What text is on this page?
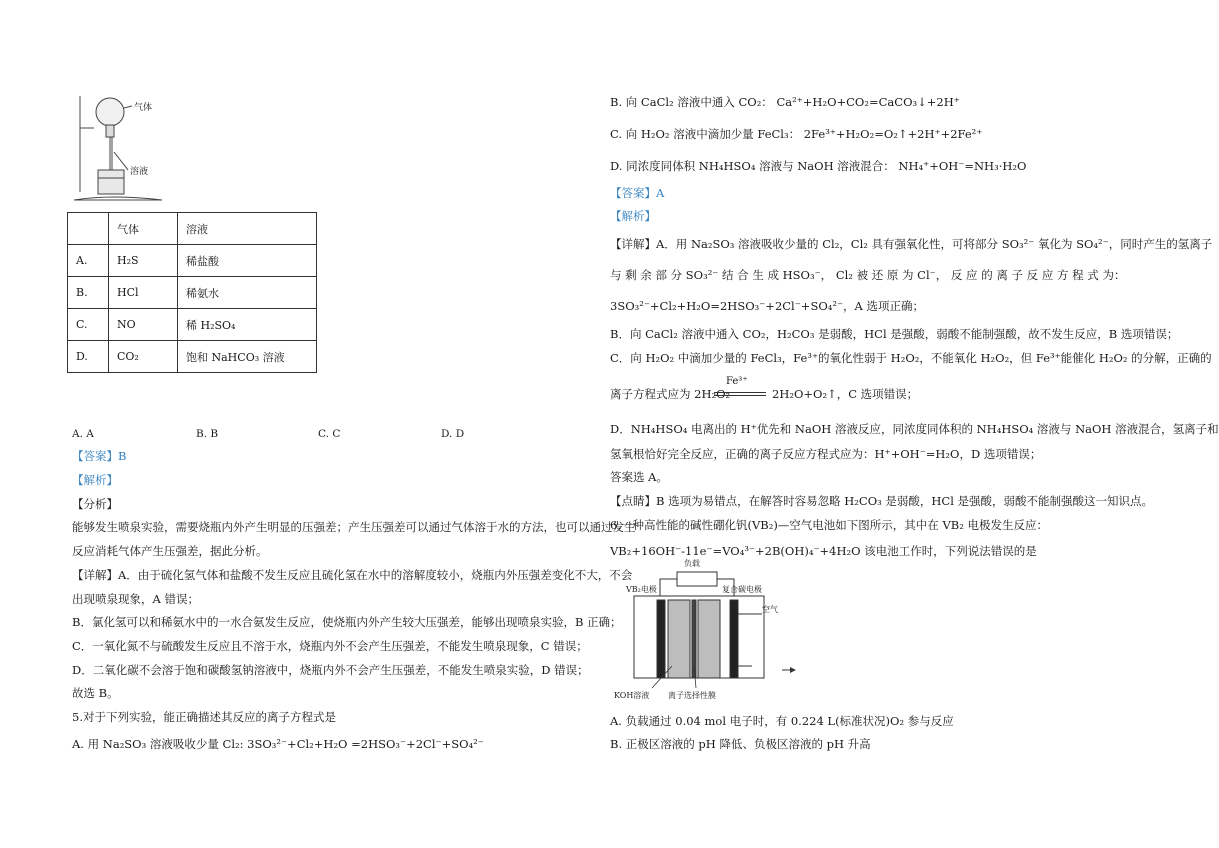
气体
溶液
	气体	溶液
A.	H₂S	稀盐酸
B.	HCl	稀氨水
C.	NO	稀 H₂SO₄
D.	CO₂	饱和 NaHCO₃ 溶液
A. A	B. B	C. C	D. D
【答案】B
【解析】
【分析】
能够发生喷泉实验，需要烧瓶内外产生明显的压强差；产生压强差可以通过气体溶于水的方法，也可以通过发生
反应消耗气体产生压强差，据此分析。
【详解】A．由于硫化氢气体和盐酸不发生反应且硫化氢在水中的溶解度较小，烧瓶内外压强差变化不大，不会
出现喷泉现象，A 错误；
B．氯化氢可以和稀氨水中的一水合氨发生反应，使烧瓶内外产生较大压强差，能够出现喷泉实验，B 正确；
C．一氧化氮不与硫酸发生反应且不溶于水，烧瓶内外不会产生压强差，不能发生喷泉现象，C 错误；
D．二氧化碳不会溶于饱和碳酸氢钠溶液中，烧瓶内外不会产生压强差，不能发生喷泉实验，D 错误；
故选 B。
5.对于下列实验，能正确描述其反应的离子方程式是
A. 用 Na₂SO₃ 溶液吸收少量 Cl₂: 3SO₃²⁻+Cl₂+H₂O =2HSO₃⁻+2Cl⁻+SO₄²⁻
B. 向 CaCl₂ 溶液中通入 CO₂： Ca²⁺+H₂O+CO₂=CaCO₃↓+2H⁺
C. 向 H₂O₂ 溶液中滴加少量 FeCl₃： 2Fe³⁺+H₂O₂=O₂↑+2H⁺+2Fe²⁺
D. 同浓度同体积 NH₄HSO₄ 溶液与 NaOH 溶液混合： NH₄⁺+OH⁻=NH₃·H₂O
【答案】A
【解析】
【详解】A．用 Na₂SO₃ 溶液吸收少量的 Cl₂，Cl₂ 具有强氧化性，可将部分 SO₃²⁻ 氧化为 SO₄²⁻，同时产生的氢离子
与 剩 余 部 分 SO₃²⁻ 结 合 生 成 HSO₃⁻， Cl₂ 被 还 原 为 Cl⁻， 反 应 的 离 子 反 应 方 程 式 为：
3SO₃²⁻+Cl₂+H₂O=2HSO₃⁻+2Cl⁻+SO₄²⁻，A 选项正确；
B．向 CaCl₂ 溶液中通入 CO₂，H₂CO₃ 是弱酸，HCl 是强酸，弱酸不能制强酸，故不发生反应，B 选项错误；
C．向 H₂O₂ 中滴加少量的 FeCl₃，Fe³⁺的氧化性弱于 H₂O₂，不能氧化 H₂O₂，但 Fe³⁺能催化 H₂O₂ 的分解，正确的
离子方程式应为 2H₂O₂
Fe³⁺
2H₂O+O₂↑，C 选项错误；
D．NH₄HSO₄ 电离出的 H⁺优先和 NaOH 溶液反应，同浓度同体积的 NH₄HSO₄ 溶液与 NaOH 溶液混合，氢离子和
氢氧根恰好完全反应，正确的离子反应方程式应为：H⁺+OH⁻=H₂O，D 选项错误；
答案选 A。
【点睛】B 选项为易错点，在解答时容易忽略 H₂CO₃ 是弱酸，HCl 是强酸，弱酸不能制强酸这一知识点。
6.一种高性能的碱性硼化钒(VB₂)—空气电池如下图所示，其中在 VB₂ 电极发生反应：
VB₂+16OH⁻-11e⁻=VO₄³⁻+2B(OH)₄⁻+4H₂O 该电池工作时，下列说法错误的是
负载
VB₂电极	复合碳电极
空气
KOH溶液 离子选择性膜
A. 负载通过 0.04 mol 电子时，有 0.224 L(标准状况)O₂ 参与反应
B. 正极区溶液的 pH 降低、负极区溶液的 pH 升高
